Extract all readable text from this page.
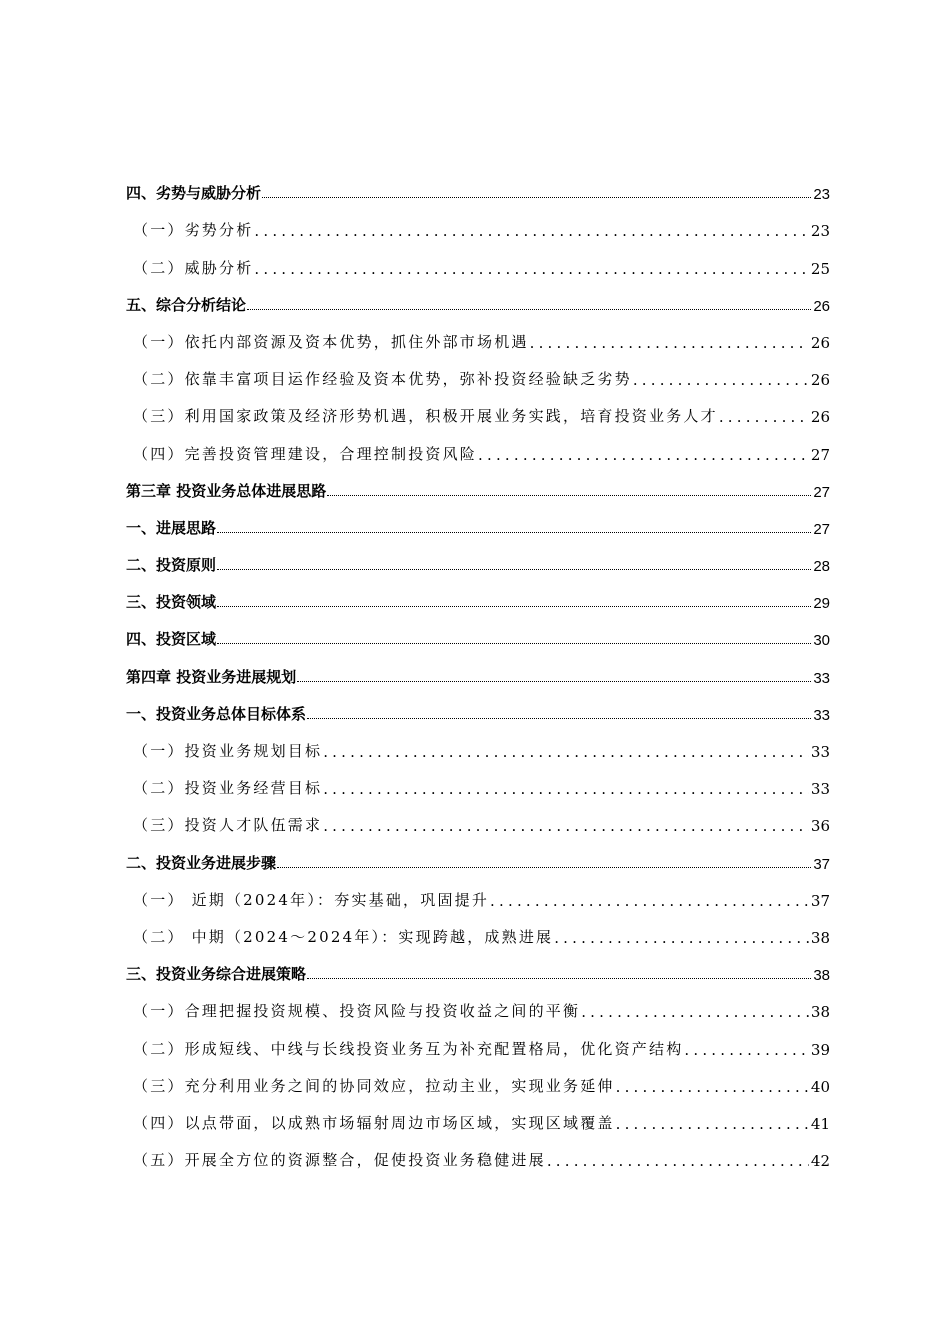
四、劣势与威胁分析	23
（一）劣势分析 .....	23
（二）威胁分析 .....	25
五、综合分析结论	26
（一）依托内部资源及资本优势，抓住外部市场机遇 .....	26
（二）依靠丰富项目运作经验及资本优势，弥补投资经验缺乏劣势 .....	26
（三）利用国家政策及经济形势机遇，积极开展业务实践，培育投资业务人才 .....	26
（四）完善投资管理建设，合理控制投资风险 .....	27
第三章 投资业务总体进展思路	27
一、进展思路	27
二、投资原则	28
三、投资领域	29
四、投资区域	30
第四章 投资业务进展规划	33
一、投资业务总体目标体系	33
（一）投资业务规划目标 .....	33
（二）投资业务经营目标 .....	33
（三）投资人才队伍需求 .....	36
二、投资业务进展步骤	37
（一） 近期（2024年）：夯实基础，巩固提升 .....	37
（二） 中期（2024～2024年）：实现跨越，成熟进展 .....	38
三、投资业务综合进展策略	38
（一）合理把握投资规模、投资风险与投资收益之间的平衡 .....	38
（二）形成短线、中线与长线投资业务互为补充配置格局，优化资产结构 .....	39
（三）充分利用业务之间的协同效应，拉动主业，实现业务延伸 .....	40
（四）以点带面，以成熟市场辐射周边市场区域，实现区域覆盖 .....	41
（五）开展全方位的资源整合，促使投资业务稳健进展 .....	42
